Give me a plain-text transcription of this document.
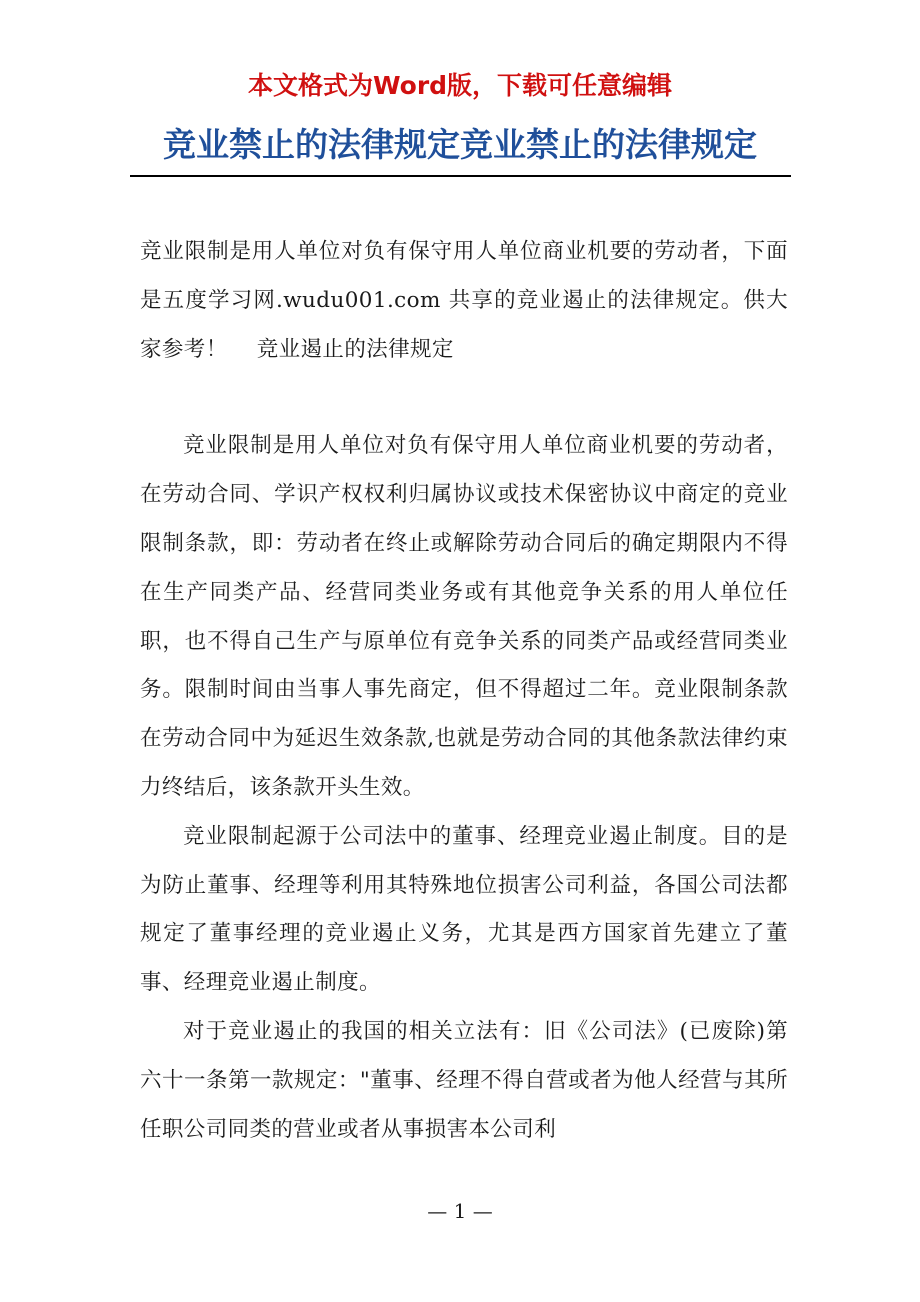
本文格式为Word版，下载可任意编辑
竞业禁止的法律规定竞业禁止的法律规定

竞业限制是用人单位对负有保守用人单位商业机要的劳动者，下面是五度学习网.wudu001.com 共享的竞业遏止的法律规定。供大家参考！　 竞业遏止的法律规定

竞业限制是用人单位对负有保守用人单位商业机要的劳动者，在劳动合同、学识产权权利归属协议或技术保密协议中商定的竞业限制条款，即：劳动者在终止或解除劳动合同后的确定期限内不得在生产同类产品、经营同类业务或有其他竞争关系的用人单位任职，也不得自己生产与原单位有竞争关系的同类产品或经营同类业务。限制时间由当事人事先商定，但不得超过二年。竞业限制条款在劳动合同中为延迟生效条款,也就是劳动合同的其他条款法律约束力终结后，该条款开头生效。

竞业限制起源于公司法中的董事、经理竞业遏止制度。目的是为防止董事、经理等利用其特殊地位损害公司利益，各国公司法都规定了董事经理的竞业遏止义务，尤其是西方国家首先建立了董事、经理竞业遏止制度。

对于竞业遏止的我国的相关立法有：旧《公司法》(已废除)第六十一条第一款规定："董事、经理不得自营或者为他人经营与其所任职公司同类的营业或者从事损害本公司利

— 1 —
